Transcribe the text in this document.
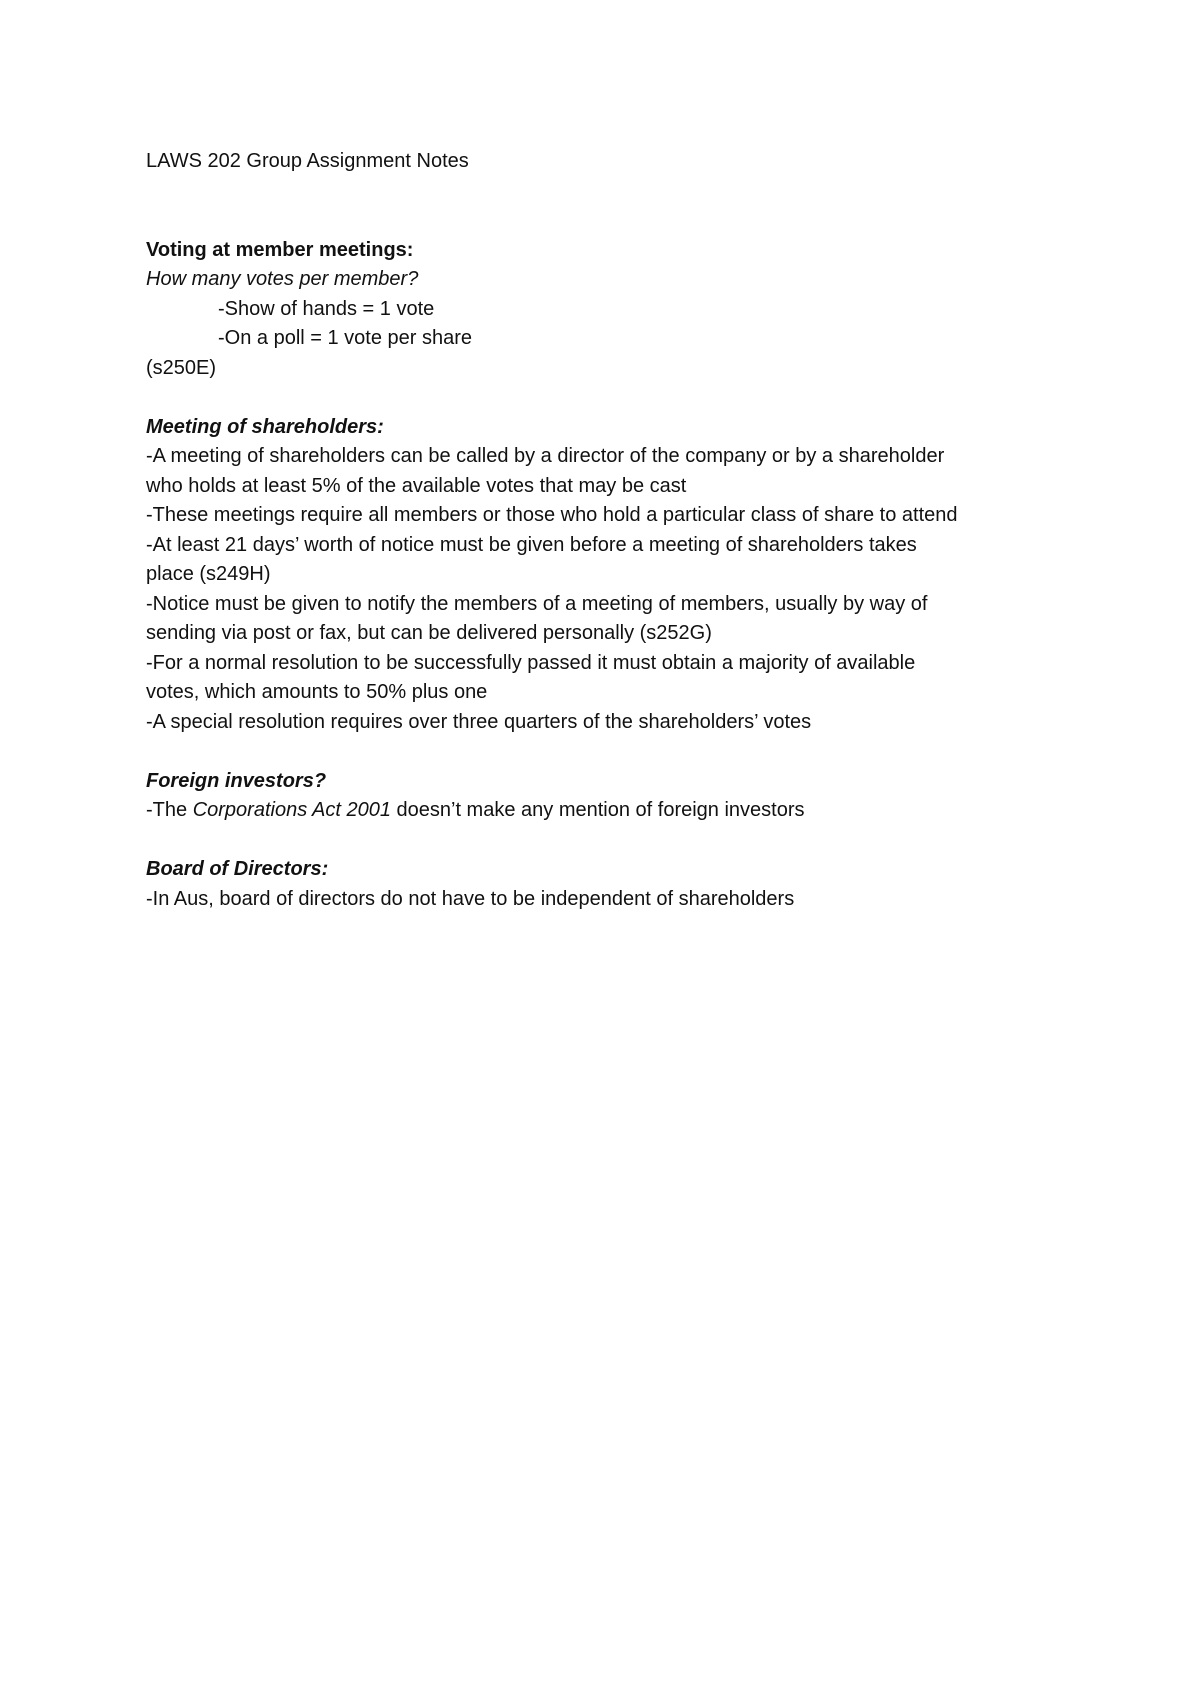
LAWS 202 Group Assignment Notes
Voting at member meetings:
How many votes per member?
-Show of hands = 1 vote
-On a poll = 1 vote per share
(s250E)
Meeting of shareholders:
-A meeting of shareholders can be called by a director of the company or by a shareholder
who holds at least 5% of the available votes that may be cast
-These meetings require all members or those who hold a particular class of share to attend
-At least 21 days’ worth of notice must be given before a meeting of shareholders takes
place (s249H)
-Notice must be given to notify the members of a meeting of members, usually by way of
sending via post or fax, but can be delivered personally (s252G)
-For a normal resolution to be successfully passed it must obtain a majority of available
votes, which amounts to 50% plus one
-A special resolution requires over three quarters of the shareholders’ votes
Foreign investors?
-The Corporations Act 2001 doesn’t make any mention of foreign investors
Board of Directors:
-In Aus, board of directors do not have to be independent of shareholders
